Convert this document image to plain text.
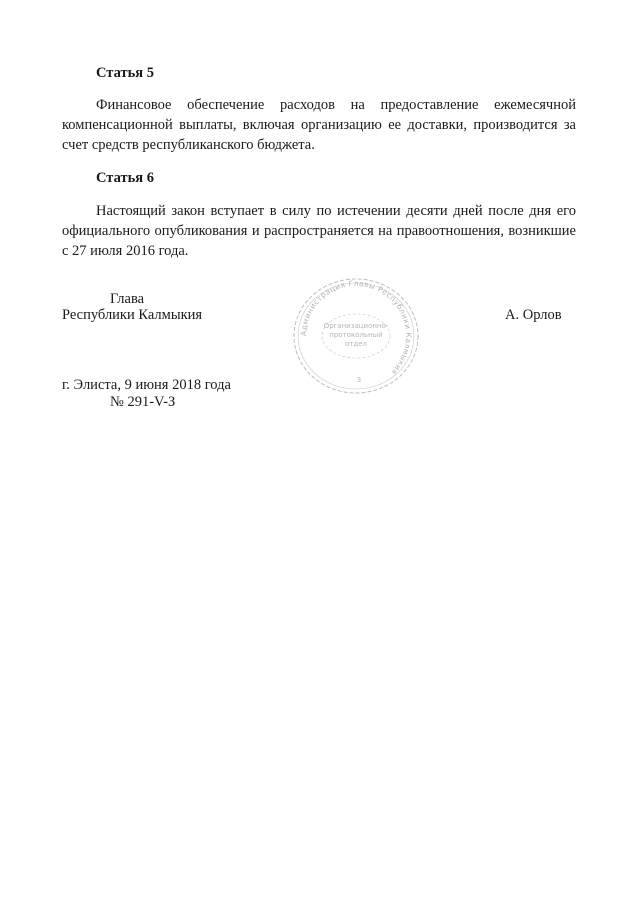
Статья 5
Финансовое обеспечение расходов на предоставление ежемесячной компенсационной выплаты, включая организацию ее доставки, производится за счет средств республиканского бюджета.
Статья 6
Настоящий закон вступает в силу по истечении десяти дней после дня его официального опубликования и распространяется на правоотношения, возникшие с 27 июля 2016 года.
Глава
Республики Калмыкия	А. Орлов
Администрация Главы Республики Калмыкия
Организационно-
протокольный
отдел
3
г. Элиста, 9 июня 2018 года
№ 291-V-З
